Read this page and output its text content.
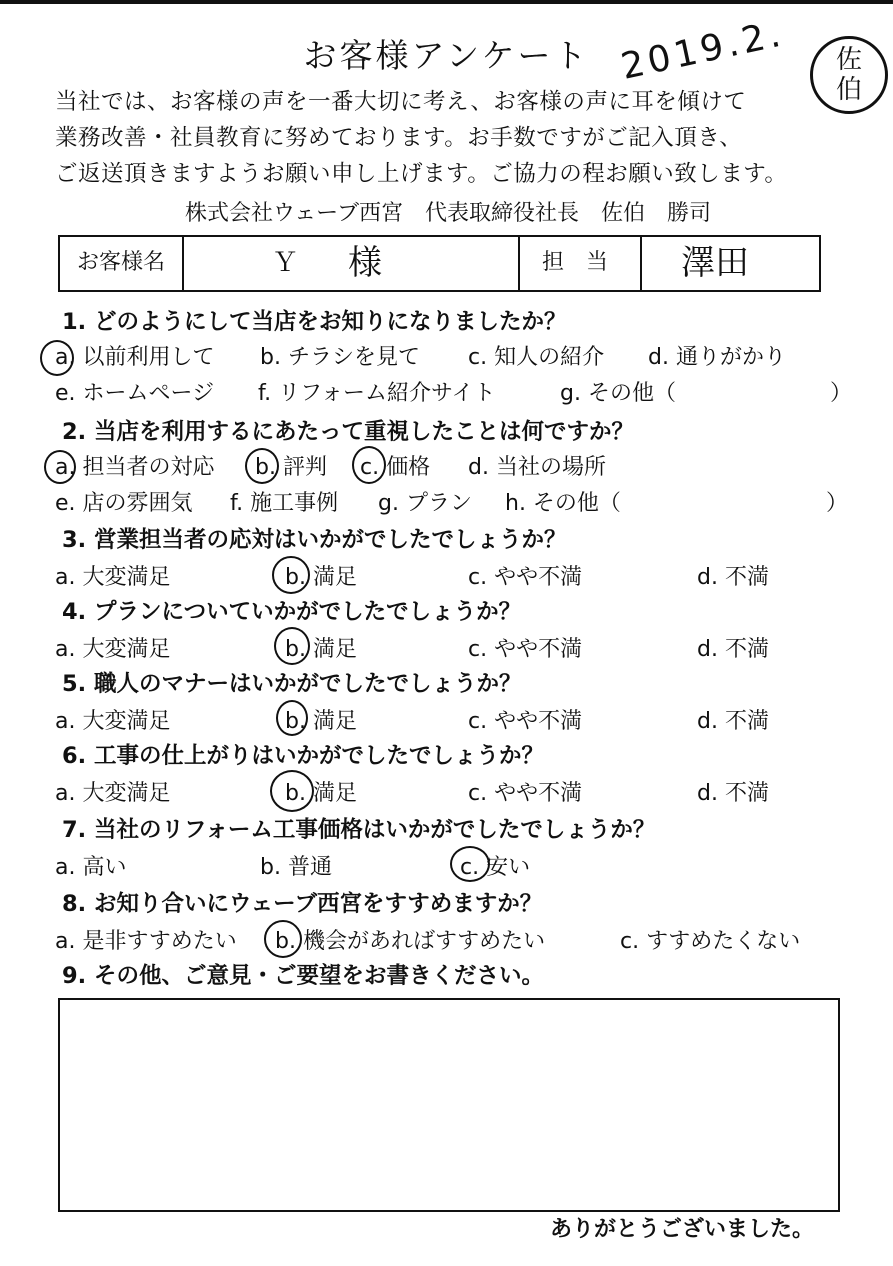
お客様アンケート 2019.2.	佐
伯
当社では、お客様の声を一番大切に考え、お客様の声に耳を傾けて
業務改善・社員教育に努めております。お手数ですがご記入頂き、
ご返送頂きますようお願い申し上げます。ご協力の程お願い致します。
株式会社ウェーブ西宮 代表取締役社長 佐伯　勝司
お客様名	Ｙ	様	担　当	澤田
1. どのようにして当店をお知りになりましたか？
a. 以前利用して b. チラシを見て c. 知人の紹介 d. 通りがかり
e. ホームページ f. リフォーム紹介サイト	g. その他（	）
2. 当店を利用するにあたって重視したことは何ですか？
a. 担当者の対応 b. 評判 c. 価格 d. 当社の場所
e. 店の雰囲気 f. 施工事例 g. プラン h. その他（	）
3. 営業担当者の応対はいかがでしたでしょうか？
a. 大変満足	b. 満足	c. やや不満	d. 不満
4. プランについていかがでしたでしょうか？
a. 大変満足	b. 満足	c. やや不満	d. 不満
5. 職人のマナーはいかがでしたでしょうか？
a. 大変満足	b. 満足	c. やや不満	d. 不満
6. 工事の仕上がりはいかがでしたでしょうか？
a. 大変満足	b. 満足	c. やや不満	d. 不満
7. 当社のリフォーム工事価格はいかがでしたでしょうか？
a. 高い	b. 普通	c. 安い
8. お知り合いにウェーブ西宮をすすめますか？
a. 是非すすめたい b. 機会があればすすめたい	c. すすめたくない
9. その他、ご意見・ご要望をお書きください。
ありがとうございました。
